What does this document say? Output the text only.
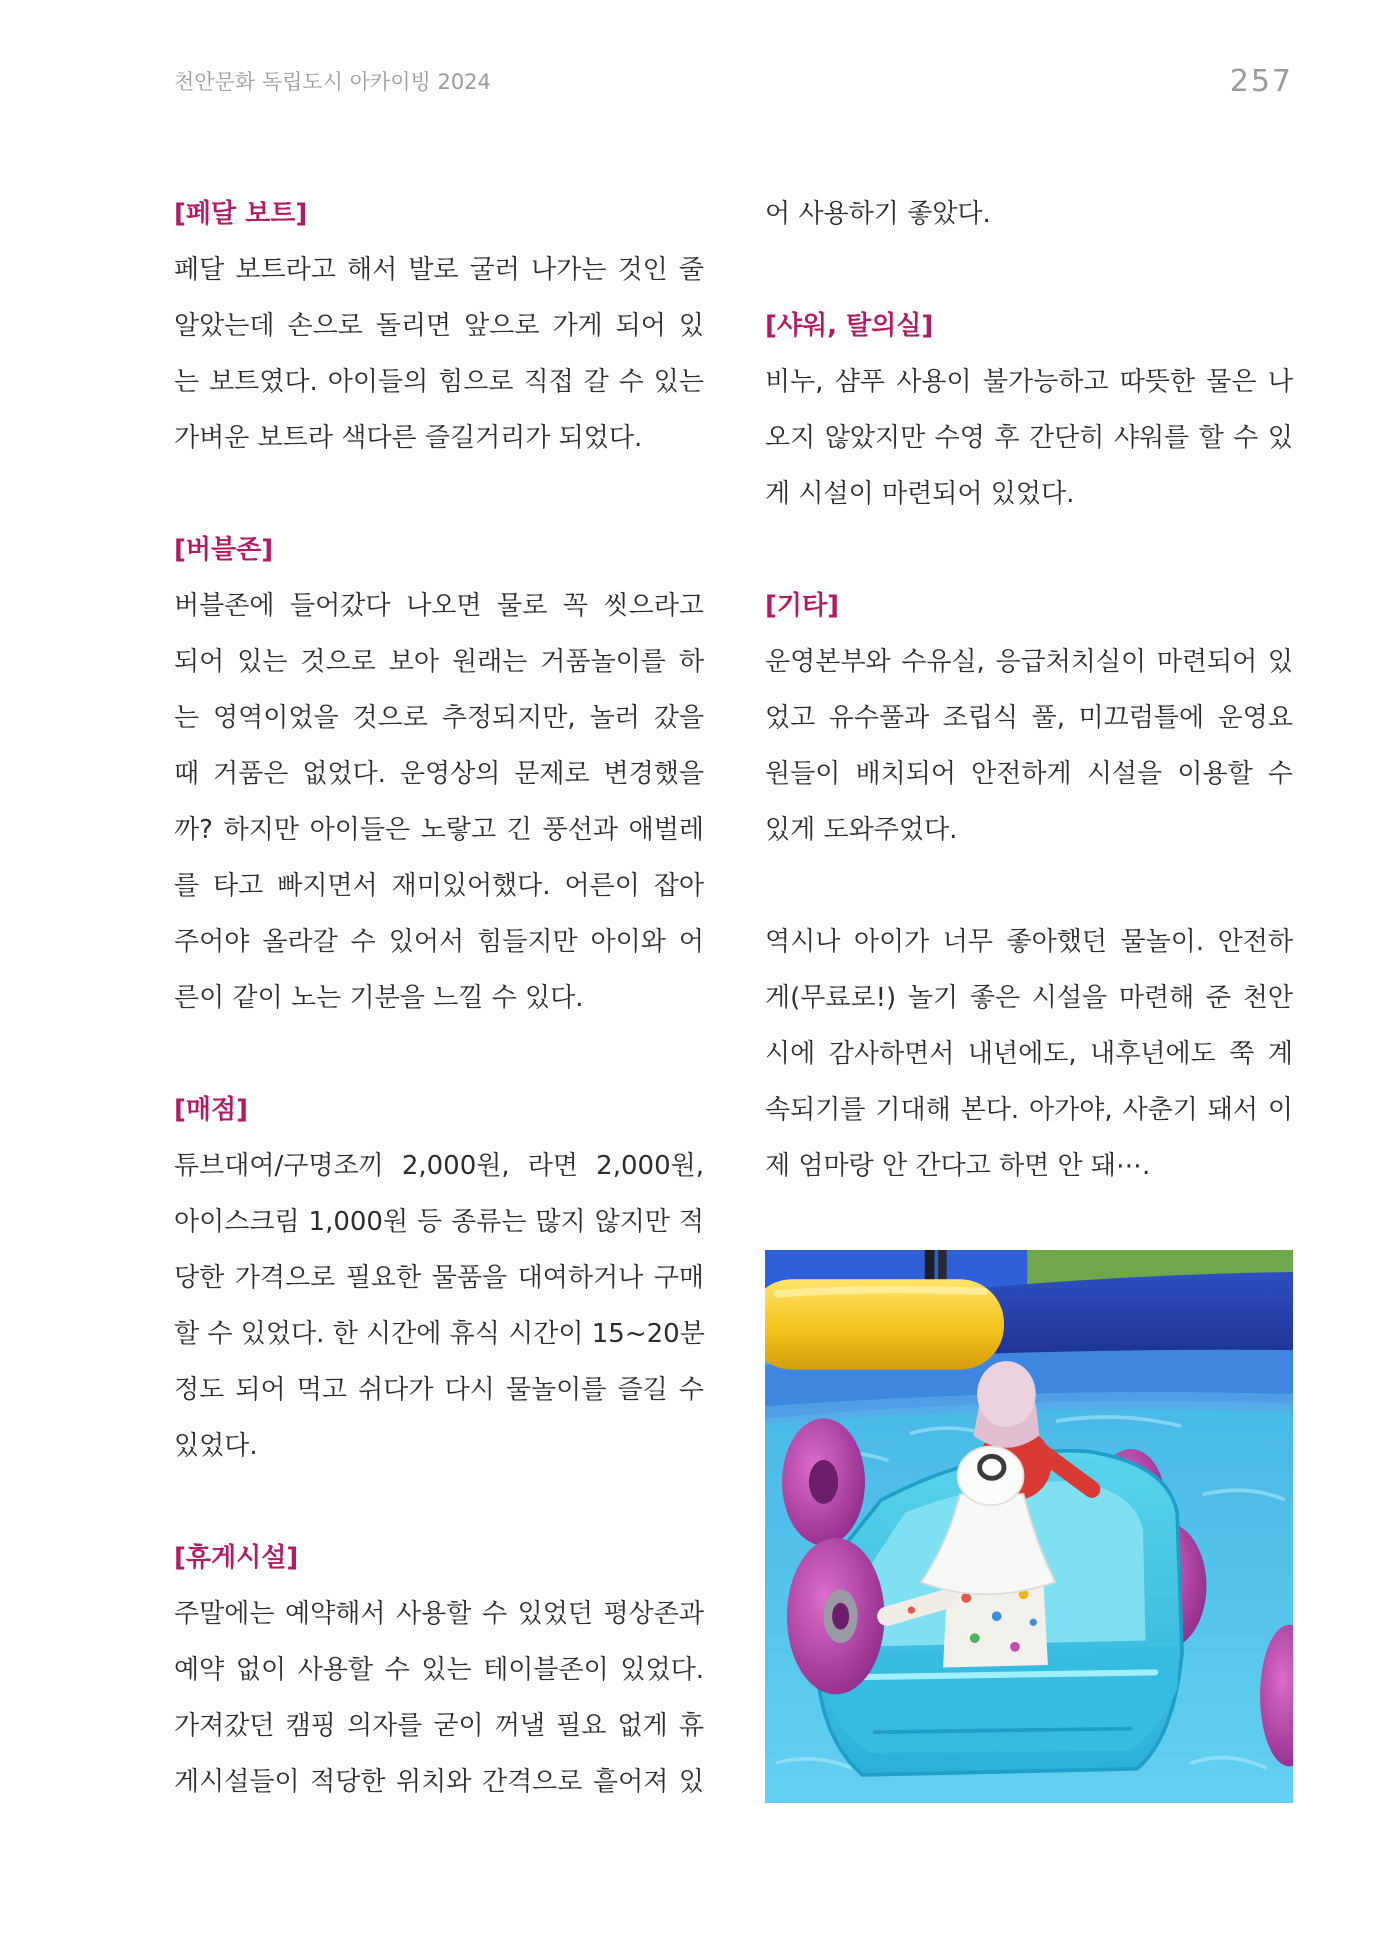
천안문화 독립도시 아카이빙 2024	257
[페달 보트]
페달 보트라고 해서 발로 굴러 나가는 것인 줄
알았는데 손으로 돌리면 앞으로 가게 되어 있
는 보트였다. 아이들의 힘으로 직접 갈 수 있는
가벼운 보트라 색다른 즐길거리가 되었다.
[버블존]
버블존에 들어갔다 나오면 물로 꼭 씻으라고
되어 있는 것으로 보아 원래는 거품놀이를 하
는 영역이었을 것으로 추정되지만, 놀러 갔을
때 거품은 없었다. 운영상의 문제로 변경했을
까? 하지만 아이들은 노랗고 긴 풍선과 애벌레
를 타고 빠지면서 재미있어했다. 어른이 잡아
주어야 올라갈 수 있어서 힘들지만 아이와 어
른이 같이 노는 기분을 느낄 수 있다.
[매점]
튜브대여/구명조끼 2,000원, 라면 2,000원,
아이스크림 1,000원 등 종류는 많지 않지만 적
당한 가격으로 필요한 물품을 대여하거나 구매
할 수 있었다. 한 시간에 휴식 시간이 15~20분
정도 되어 먹고 쉬다가 다시 물놀이를 즐길 수
있었다.
[휴게시설]
주말에는 예약해서 사용할 수 있었던 평상존과
예약 없이 사용할 수 있는 테이블존이 있었다.
가져갔던 캠핑 의자를 굳이 꺼낼 필요 없게 휴
게시설들이 적당한 위치와 간격으로 흩어져 있
어 사용하기 좋았다.
[샤워, 탈의실]
비누, 샴푸 사용이 불가능하고 따뜻한 물은 나
오지 않았지만 수영 후 간단히 샤워를 할 수 있
게 시설이 마련되어 있었다.
[기타]
운영본부와 수유실, 응급처치실이 마련되어 있
었고 유수풀과 조립식 풀, 미끄럼틀에 운영요
원들이 배치되어 안전하게 시설을 이용할 수
있게 도와주었다.
역시나 아이가 너무 좋아했던 물놀이. 안전하
게(무료로!) 놀기 좋은 시설을 마련해 준 천안
시에 감사하면서 내년에도, 내후년에도 쭉 계
속되기를 기대해 본다. 아가야, 사춘기 돼서 이
제 엄마랑 안 간다고 하면 안 돼⋯.
